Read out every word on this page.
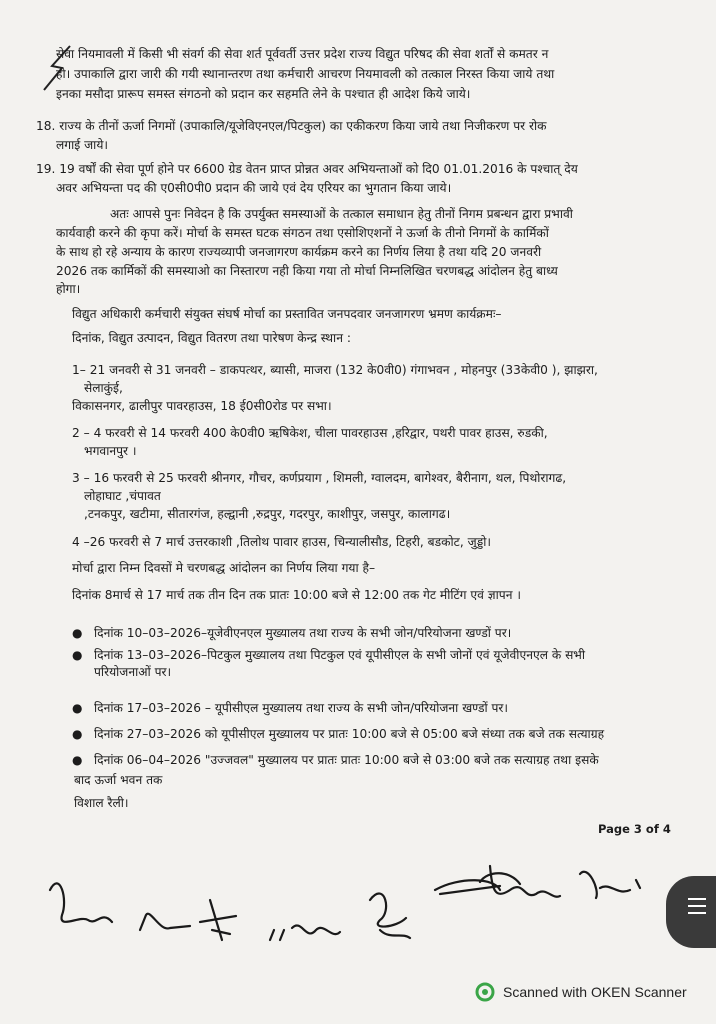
सेवा नियमावली में किसी भी संवर्ग की सेवा शर्त पूर्ववर्ती उत्तर प्रदेश राज्य विद्युत परिषद की सेवा शर्तों से कमतर न
हो। उपाकालि द्वारा जारी की गयी स्थानान्तरण तथा कर्मचारी आचरण नियमावली को तत्काल निरस्त किया जाये तथा
इनका मसौदा प्रारूप समस्त संगठनो को प्रदान कर सहमति लेने के पश्चात ही आदेश किये जाये।
18. राज्य के तीनों ऊर्जा निगमों (उपाकालि/यूजेविएनएल/पिटकुल) का एकीकरण किया जाये तथा निजीकरण पर रोक
लगाई जाये।
19. 19 वर्षों की सेवा पूर्ण होने पर 6600 ग्रेड वेतन प्राप्त प्रोन्नत अवर अभियन्ताओं को दि0 01.01.2016 के पश्चात् देय
अवर अभियन्ता पद की ए0सी0पी0 प्रदान की जाये एवं देय एरियर का भुगतान किया जाये।
अतः आपसे पुनः निवेदन है कि उपर्युक्त समस्याओं के तत्काल समाधान हेतु तीनों निगम प्रबन्धन द्वारा प्रभावी
कार्यवाही करने की कृपा करें। मोर्चा के समस्त घटक संगठन तथा एसोशिएशनों ने ऊर्जा के तीनो निगमों के कार्मिकों
के साथ हो रहे अन्याय के कारण राज्यव्यापी जनजागरण कार्यक्रम करने का निर्णय लिया है तथा यदि 20 जनवरी
2026 तक कार्मिकों की समस्याओ का निस्तारण नही किया गया तो मोर्चा निम्नलिखित चरणबद्ध आंदोलन हेतु बाध्य
होगा।
विद्युत अधिकारी कर्मचारी संयुक्त संघर्ष मोर्चा का प्रस्तावित जनपदवार जनजागरण भ्रमण कार्यक्रमः–
दिनांक, विद्युत उत्पादन, विद्युत वितरण तथा पारेषण केन्द्र स्थान :
1– 21 जनवरी से 31 जनवरी – डाकपत्थर, ब्यासी, माजरा (132 के0वी0) गंगाभवन , मोहनपुर (33केवी0 ), झाझरा,
सेलाकुंई,
विकासनगर, ढालीपुर पावरहाउस, 18 ई0सी0रोड पर सभा।
2 – 4 फरवरी से 14 फरवरी 400 के0वी0 ऋषिकेश, चीला पावरहाउस ,हरिद्वार, पथरी पावर हाउस, रुडकी,
भगवानपुर ।
3 – 16 फरवरी से 25 फरवरी श्रीनगर, गौचर, कर्णप्रयाग , शिमली, ग्वालदम, बागेश्वर, बैरीनाग, थल, पिथोरागढ,
लोहाघाट ,चंपावत
,टनकपुर, खटीमा, सीतारगंज, हल्द्वानी ,रुद्रपुर, गदरपुर, काशीपुर, जसपुर, कालागढ।
4 –26 फरवरी से 7 मार्च उत्तरकाशी ,तिलोथ पावार हाउस, चिन्यालीसौड, टिहरी, बडकोट, जुड्डो।
मोर्चा द्वारा निम्न दिवसों मे चरणबद्ध आंदोलन का निर्णय लिया गया है–
दिनांक 8मार्च से 17 मार्च तक तीन दिन तक प्रातः 10:00 बजे से 12:00 तक गेट मीटिंग एवं ज्ञापन ।
● दिनांक 10–03–2026–यूजेवीएनएल मुख्यालय तथा राज्य के सभी जोन/परियोजना खण्डों पर।
● दिनांक 13–03–2026–पिटकुल मुख्यालय तथा पिटकुल एवं यूपीसीएल के सभी जोनों एवं यूजेवीएनएल के सभी
परियोजनाओं पर।
● दिनांक 17–03–2026 – यूपीसीएल मुख्यालय तथा राज्य के सभी जोन/परियोजना खण्डों पर।
● दिनांक 27–03–2026 को यूपीसीएल मुख्यालय पर प्रातः 10:00 बजे से 05:00 बजे संध्या तक बजे तक सत्याग्रह
● दिनांक 06–04–2026 "उज्जवल" मुख्यालय पर प्रातः प्रातः 10:00 बजे से 03:00 बजे तक सत्याग्रह तथा इसके
बाद ऊर्जा भवन तक
विशाल रैली।
Page 3 of 4
Scanned with OKEN Scanner
